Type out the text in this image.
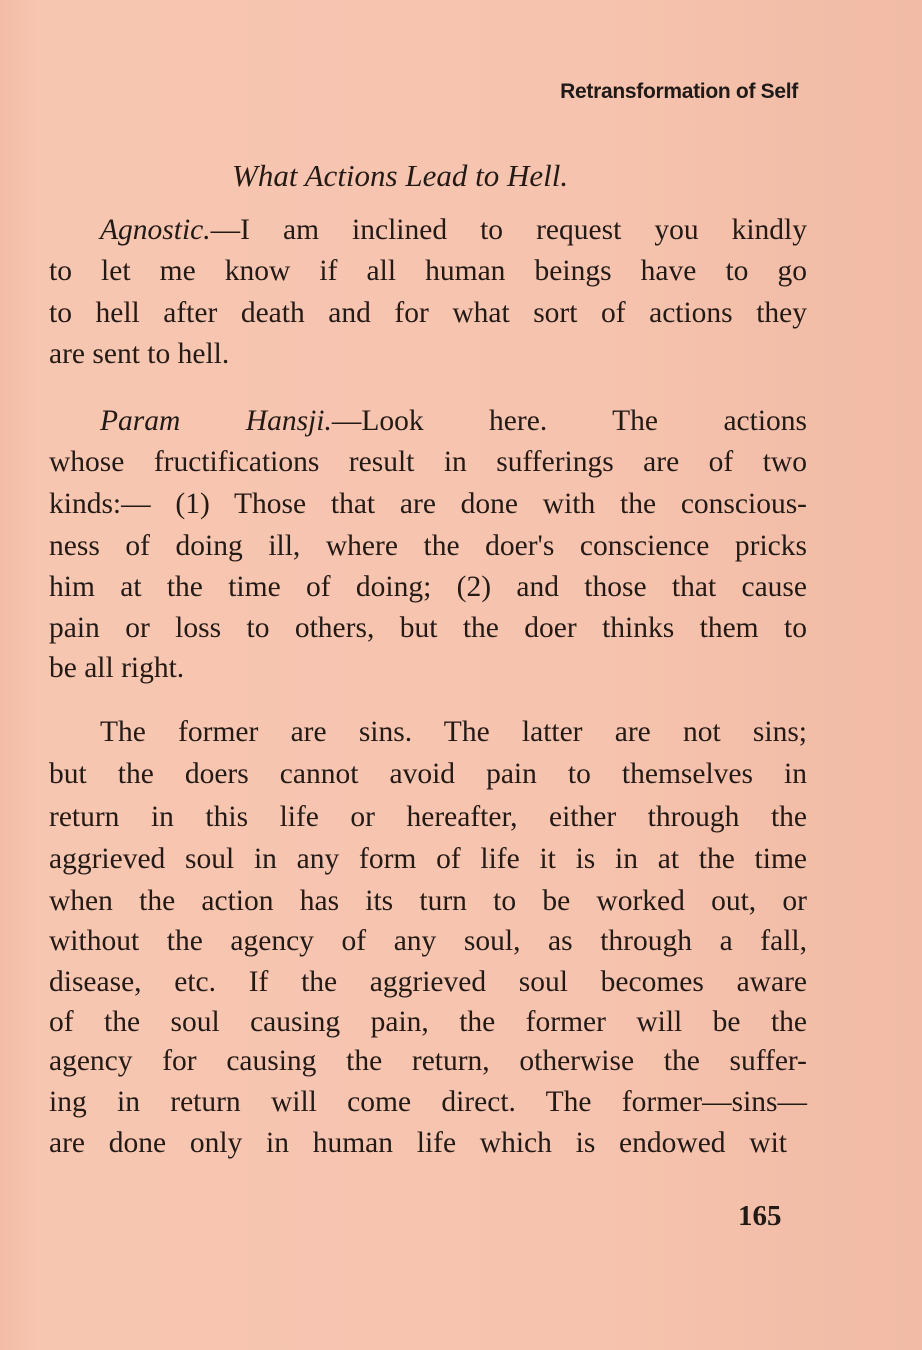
Retransformation of Self
What Actions Lead to Hell.
Agnostic.—I am inclined to request you kindly
to let me know if all human beings have to go
to hell after death and for what sort of actions they
are sent to hell.
Param Hansji.—Look here. The actions
whose fructifications result in sufferings are of two
kinds:— (1) Those that are done with the conscious-
ness of doing ill, where the doer's conscience pricks
him at the time of doing; (2) and those that cause
pain or loss to others, but the doer thinks them to
be all right.
The former are sins. The latter are not sins;
but the doers cannot avoid pain to themselves in
return in this life or hereafter, either through the
aggrieved soul in any form of life it is in at the time
when the action has its turn to be worked out, or
without the agency of any soul, as through a fall,
disease, etc. If the aggrieved soul becomes aware
of the soul causing pain, the former will be the
agency for causing the return, otherwise the suffer-
ing in return will come direct. The former—sins—
are done only in human life which is endowed wit
165
